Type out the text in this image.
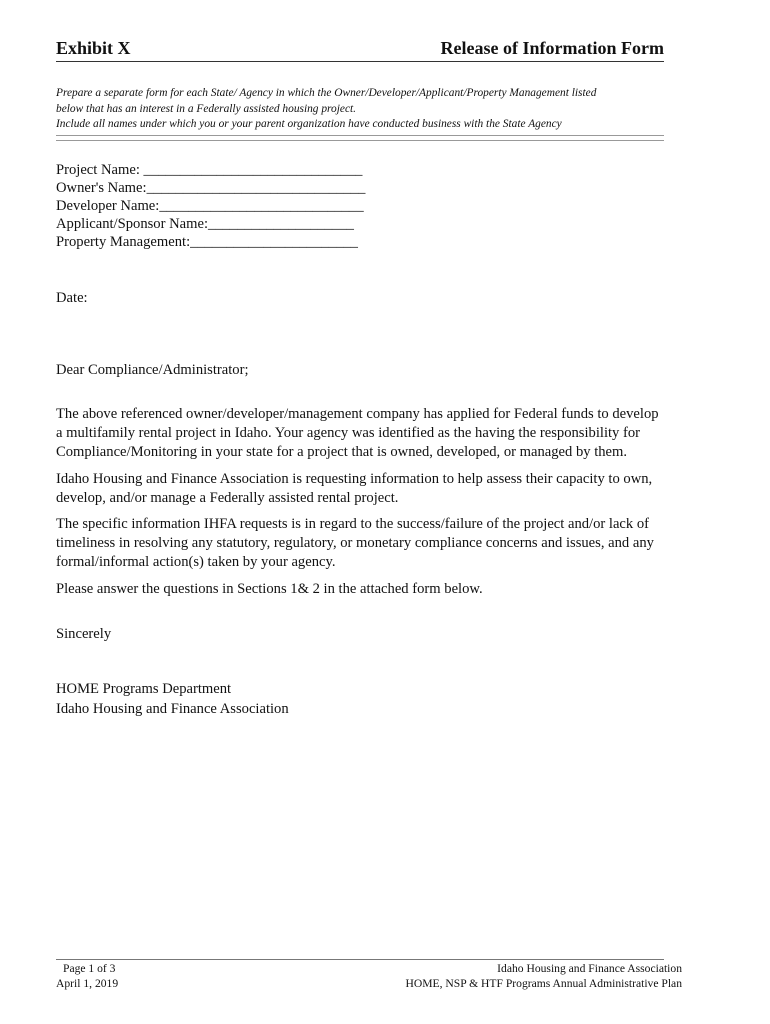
Exhibit X	Release of Information Form
Prepare a separate form for each State/ Agency in which the Owner/Developer/Applicant/Property Management listed
below that has an interest in a Federally assisted housing project.
Include all names under which you or your parent organization have conducted business with the State Agency
Project Name: ______________________________
Owner's Name:______________________________
Developer Name:____________________________
Applicant/Sponsor Name:____________________
Property Management:_______________________
Date:
Dear Compliance/Administrator;

The above referenced owner/developer/management company has applied for Federal funds to develop
a multifamily rental project in Idaho. Your agency was identified as the having the responsibility for
Compliance/Monitoring in your state for a project that is owned, developed, or managed by them.

Idaho Housing and Finance Association is requesting information to help assess their capacity to own,
develop, and/or manage a Federally assisted rental project.

The specific information IHFA requests is in regard to the success/failure of the project and/or lack of
timeliness in resolving any statutory, regulatory, or monetary compliance concerns and issues, and any
formal/informal action(s) taken by your agency.

Please answer the questions in Sections 1& 2 in the attached form below.

Sincerely
HOME Programs Department
Idaho Housing and Finance Association
Page 1 of 3
April 1, 2019
Idaho Housing and Finance Association
HOME, NSP & HTF Programs Annual Administrative Plan
